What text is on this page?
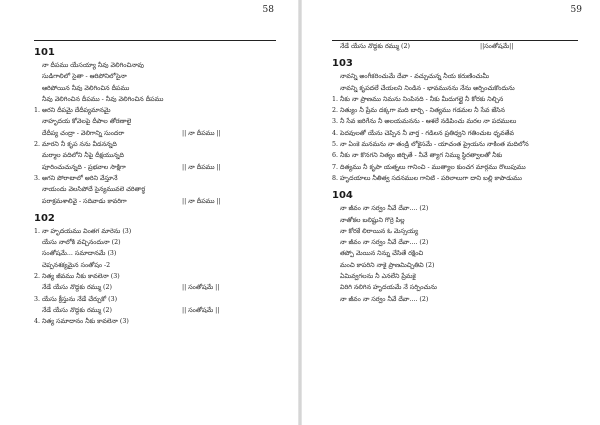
58
101
నా దీపము యేసయ్యా నీవు వెలిగించినావు
సుడిగాలిలో సైతా - ఆరిపోనిలోసైనా
ఆరిపోయిన నీవు వెలిగించిన దీపము
నీవు వెలిగించిన దీపము - నీవు వెలిగించిన దీపము
1. అరని దీపమై దేదీప్యమానమై
నాహృదయ కోవెలపై దీపాల తోరణాలై
దేదీప్య చంద్రా - వెలిగాన్ని సుందరా	|| నా దీపము ||
2. మారని నీ కృప నను వీడనన్నది
మర్మాల వదిలోని నీపై దీక్షయున్నది
పూరించుచున్నది - ప్రభవాల సాక్షిగా	|| నా దీపము ||
3. అగని పోరాటాలో అరిని వేస్తూనే
నాయందు వెలసిపోదే సైన్యమువలె చరితార్థ
పరాక్రమశాలివై - సదివాడు కావరిగా	|| నా దీపము ||
102
1. నా హృదయము వింతగ మారెను (3)
యేసు నాలోకి వచ్చినందునా (2)
సంతోషమే... సమాదానమే (3)
చెప్పనశక్యమైన సంతోషం -2
2. నిత్య జీవము నీకు కావలెనా (3)
నేడే యేసు నొద్దకు రమ్ము (2)	|| సంతోషమే ||
3. యేసు క్రీస్తును నేడే చేర్చుకో (3)
నేడే యేసు నొద్దకు రమ్ము (2)	|| సంతోషమే ||
4. నిత్య సమాదానం నీకు కావలెనా (3)
59
నేడే యేసు నొద్దకు రమ్ము (2)	||సంతోషమే||
103
నావన్ని అంగీకరించుమే దేవా - వచ్చుచున్న నీయ కరుణించుమీ
నావన్ని కృపదలే చేయలని నిండిన - భావమునను నేను అర్పించుకొందును
1. నీకు నా ప్రాణము నిమను నింపినది - నీకు మీదుగల్లై నీ కోరకు నిల్చిన
2. నిత్యుం నీ ప్రేమ దక్కగా మది బార్చి - నిత్యము గడమల నీ సేవ జేసిన
3. నీ సేవ జరిగేను నీ అలయమనను - ఆశలే నడిపించు మరల నా పదములు
4. పెదవులతో యేను చెప్పిన నీ వార్త - గడిలన ప్రతిధ్వని గతించుట ధృవతేవ
5. నా ఏంకె మనమను నా తండ్రి లోకైసమే - యాచంత ప్రైయను నాకింత మదిలోన
6. నీకు నా కొనగని నిత్యం జిర్చితే - నీవే త్యాగ నిమ్ము స్థిరత్వాలతో నీకు
7. దిత్యము నీ కృపా యత్నలు గానించి - ముత్యాల కుంచగ మార్గము రొలుపుము
8. హృదయాలు నీతిత్వ సదనముల గానిటి - పరిలాలుగా దాని బల్లి కాపాడుము
104
నా జీవం నా సర్వం నీవే దేవా.... (2)
నాతోకల బలిష్టుని గొర్రె పిల్ల
నా కోరకే లిరాయిన ఓ మెస్సయ్య
నా జీవం నా సర్వం నీవే దేవా.... (2)
తప్పో మెయిన నిన్ను చేసితే రక్షించి
మంచి కాపరిని నాకై ప్రాణమిచ్చితివి (2)
ఏమివ్వగలను నీ ఎనలేని ప్రేమకై
విరిగి నలిగిన హృదయమే నే సర్పించును
నా జీవం నా సర్వం నీవే దేవా.... (2)
